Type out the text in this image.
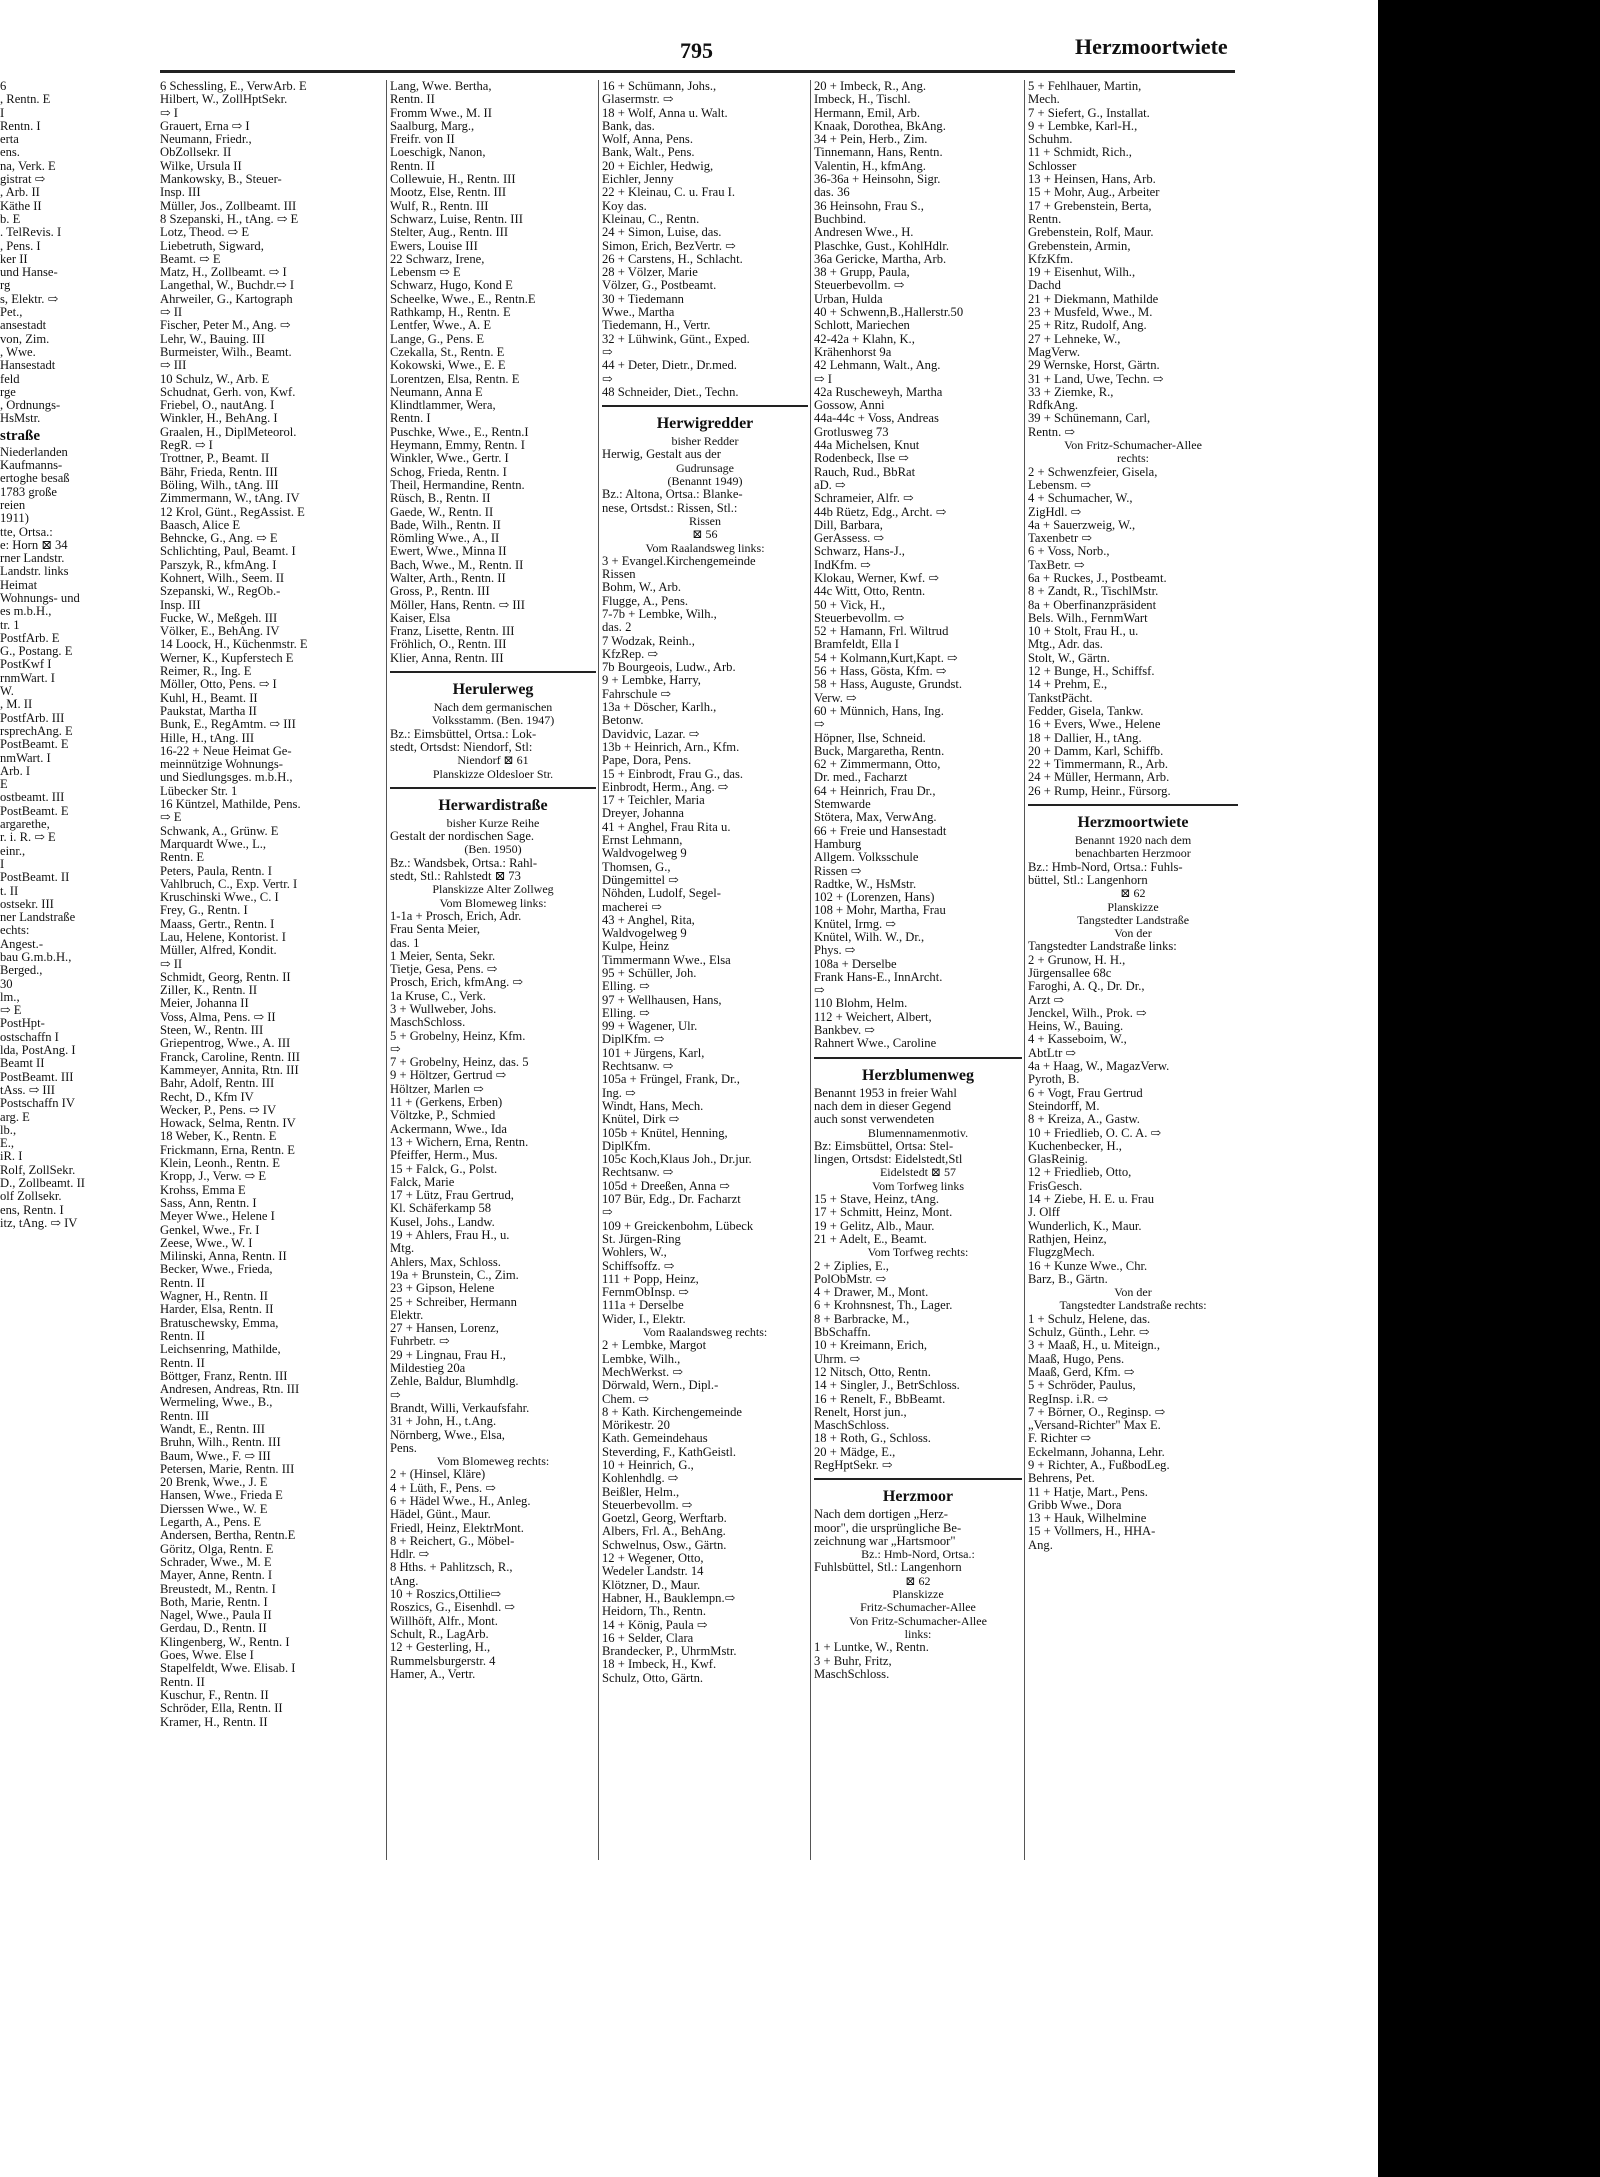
795	Herzmoortwiete
6
, Rentn. E
I
Rentn. I
erta
ens.
na, Verk. E
gistrat ⇨
, Arb. II
Käthe II
b. E
. TelRevis. I
, Pens. I
ker II
und Hanse-
rg
s, Elektr. ⇨
Pet.,
ansestadt
von, Zim.
, Wwe.
Hansestadt
feld
rge
, Ordnungs-
HsMstr.
straße
Niederlanden
Kaufmanns-
ertoghe besaß
1783 große
reien
1911)
tte, Ortsa.:
e: Horn ⊠ 34
rner Landstr.
Landstr. links
Heimat
Wohnungs- und
es m.b.H.,
tr. 1
PostfArb. E
G., Postang. E
PostKwf I
rnmWart. I
W.
, M. II
PostfArb. III
rsprechAng. E
PostBeamt. E
nmWart. I
Arb. I
E
ostbeamt. III
PostBeamt. E
argarethe,
r. i. R. ⇨ E
einr.,
I
PostBeamt. II
t. II
ostsekr. III
ner Landstraße
echts:
Angest.-
bau G.m.b.H.,
Berged.,
30
lm.,
⇨ E
PostHpt-
ostschaffn I
lda, PostAng. I
Beamt II
PostBeamt. III
tAss. ⇨ III
Postschaffn IV
arg. E
lb.,
E.,
iR. I
Rolf, ZollSekr.
D., Zollbeamt. II
olf Zollsekr.
ens, Rentn. I
itz, tAng. ⇨ IV
6 Schessling, E., VerwArb. E
Hilbert, W., ZollHptSekr.
⇨ I
Grauert, Erna ⇨ I
Neumann, Friedr.,
ObZollsekr. II
Wilke, Ursula II
Mankowsky, B., Steuer-
Insp. III
Müller, Jos., Zollbeamt. III
8 Szepanski, H., tAng. ⇨ E
Lotz, Theod. ⇨ E
Liebetruth, Sigward,
Beamt. ⇨ E
Matz, H., Zollbeamt. ⇨ I
Langethal, W., Buchdr.⇨ I
Ahrweiler, G., Kartograph
⇨ II
Fischer, Peter M., Ang. ⇨
Lehr, W., Bauing. III
Burmeister, Wilh., Beamt.
⇨ III
10 Schulz, W., Arb. E
Schudnat, Gerh. von, Kwf.
Friebel, O., nautAng. I
Winkler, H., BehAng. I
Graalen, H., DiplMeteorol.
RegR. ⇨ I
Trottner, P., Beamt. II
Bähr, Frieda, Rentn. III
Böling, Wilh., tAng. III
Zimmermann, W., tAng. IV
12 Krol, Günt., RegAssist. E
Baasch, Alice E
Behncke, G., Ang. ⇨ E
Schlichting, Paul, Beamt. I
Parszyk, R., kfmAng. I
Kohnert, Wilh., Seem. II
Szepanski, W., RegOb.-
Insp. III
Fucke, W., Meßgeh. III
Völker, E., BehAng. IV
14 Loock, H., Küchenmstr. E
Werner, K., Kupferstech E
Reimer, R., Ing. E
Möller, Otto, Pens. ⇨ I
Kuhl, H., Beamt. II
Paukstat, Martha II
Bunk, E., RegAmtm. ⇨ III
Hille, H., tAng. III
16-22 + Neue Heimat Ge-
meinnützige Wohnungs-
und Siedlungsges. m.b.H.,
Lübecker Str. 1
16 Küntzel, Mathilde, Pens.
⇨ E
Schwank, A., Grünw. E
Marquardt Wwe., L.,
Rentn. E
Peters, Paula, Rentn. I
Vahlbruch, C., Exp. Vertr. I
Kruschinski Wwe., C. I
Frey, G., Rentn. I
Maass, Gertr., Rentn. I
Lau, Helene, Kontorist. I
Müller, Alfred, Kondit.
⇨ II
Schmidt, Georg, Rentn. II
Ziller, K., Rentn. II
Meier, Johanna II
Voss, Alma, Pens. ⇨ II
Steen, W., Rentn. III
Griepentrog, Wwe., A. III
Franck, Caroline, Rentn. III
Kammeyer, Annita, Rtn. III
Bahr, Adolf, Rentn. III
Recht, D., Kfm IV
Wecker, P., Pens. ⇨ IV
Howack, Selma, Rentn. IV
18 Weber, K., Rentn. E
Frickmann, Erna, Rentn. E
Klein, Leonh., Rentn. E
Kropp, J., Verw. ⇨ E
Krohss, Emma E
Sass, Ann, Rentn. I
Meyer Wwe., Helene I
Genkel, Wwe., Fr. I
Zeese, Wwe., W. I
Milinski, Anna, Rentn. II
Becker, Wwe., Frieda,
Rentn. II
Wagner, H., Rentn. II
Harder, Elsa, Rentn. II
Bratuschewsky, Emma,
Rentn. II
Leichsenring, Mathilde,
Rentn. II
Böttger, Franz, Rentn. III
Andresen, Andreas, Rtn. III
Wermeling, Wwe., B.,
Rentn. III
Wandt, E., Rentn. III
Bruhn, Wilh., Rentn. III
Baum, Wwe., F. ⇨ III
Petersen, Marie, Rentn. III
20 Brenk, Wwe., J. E
Hansen, Wwe., Frieda E
Dierssen Wwe., W. E
Legarth, A., Pens. E
Andersen, Bertha, Rentn.E
Göritz, Olga, Rentn. E
Schrader, Wwe., M. E
Mayer, Anne, Rentn. I
Breustedt, M., Rentn. I
Both, Marie, Rentn. I
Nagel, Wwe., Paula II
Gerdau, D., Rentn. II
Klingenberg, W., Rentn. I
Goes, Wwe. Else I
Stapelfeldt, Wwe. Elisab. I
Rentn. II
Kuschur, F., Rentn. II
Schröder, Ella, Rentn. II
Kramer, H., Rentn. II
Lang, Wwe. Bertha,
Rentn. II
Fromm Wwe., M. II
Saalburg, Marg.,
Freifr. von II
Loeschigk, Nanon,
Rentn. II
Collewuie, H., Rentn. III
Mootz, Else, Rentn. III
Wulf, R., Rentn. III
Schwarz, Luise, Rentn. III
Stelter, Aug., Rentn. III
Ewers, Louise III
22 Schwarz, Irene,
Lebensm ⇨ E
Schwarz, Hugo, Kond E
Scheelke, Wwe., E., Rentn.E
Rathkamp, H., Rentn. E
Lentfer, Wwe., A. E
Lange, G., Pens. E
Czekalla, St., Rentn. E
Kokowski, Wwe., E. E
Lorentzen, Elsa, Rentn. E
Neumann, Anna E
Klindtlammer, Wera,
Rentn. I
Puschke, Wwe., E., Rentn.I
Heymann, Emmy, Rentn. I
Winkler, Wwe., Gertr. I
Schog, Frieda, Rentn. I
Theil, Hermandine, Rentn.
Rüsch, B., Rentn. II
Gaede, W., Rentn. II
Bade, Wilh., Rentn. II
Römling Wwe., A., II
Ewert, Wwe., Minna II
Bach, Wwe., M., Rentn. II
Walter, Arth., Rentn. II
Gross, P., Rentn. III
Möller, Hans, Rentn. ⇨ III
Kaiser, Elsa
Franz, Lisette, Rentn. III
Fröhlich, O., Rentn. III
Klier, Anna, Rentn. III
Herulerweg
Nach dem germanischen
Volksstamm. (Ben. 1947)
Bz.: Eimsbüttel, Ortsa.: Lok-
stedt, Ortsdst: Niendorf, Stl:
Niendorf ⊠ 61
Planskizze Oldesloer Str.
Herwardistraße
bisher Kurze Reihe
Gestalt der nordischen Sage.
(Ben. 1950)
Bz.: Wandsbek, Ortsa.: Rahl-
stedt, Stl.: Rahlstedt ⊠ 73
Planskizze Alter Zollweg
Vom Blomeweg links:
1-1a + Prosch, Erich, Adr.
Frau Senta Meier,
das. 1
1 Meier, Senta, Sekr.
Tietje, Gesa, Pens. ⇨
Prosch, Erich, kfmAng. ⇨
1a Kruse, C., Verk.
3 + Wullweber, Johs.
MaschSchloss.
5 + Grobelny, Heinz, Kfm.
⇨
7 + Grobelny, Heinz, das. 5
9 + Höltzer, Gertrud ⇨
Höltzer, Marlen ⇨
11 + (Gerkens, Erben)
Völtzke, P., Schmied
Ackermann, Wwe., Ida
13 + Wichern, Erna, Rentn.
Pfeiffer, Herm., Mus.
15 + Falck, G., Polst.
Falck, Marie
17 + Lütz, Frau Gertrud,
Kl. Schäferkamp 58
Kusel, Johs., Landw.
19 + Ahlers, Frau H., u.
Mtg.
Ahlers, Max, Schloss.
19a + Brunstein, C., Zim.
23 + Gipson, Helene
25 + Schreiber, Hermann
Elektr.
27 + Hansen, Lorenz,
Fuhrbetr. ⇨
29 + Lingnau, Frau H.,
Mildestieg 20a
Zehle, Baldur, Blumhdlg.
⇨
Brandt, Willi, Verkaufsfahr.
31 + John, H., t.Ang.
Nörnberg, Wwe., Elsa,
Pens.
Vom Blomeweg rechts:
2 + (Hinsel, Kläre)
4 + Lüth, F., Pens. ⇨
6 + Hädel Wwe., H., Anleg.
Hädel, Günt., Maur.
Friedl, Heinz, ElektrMont.
8 + Reichert, G., Möbel-
Hdlr. ⇨
8 Hths. + Pahlitzsch, R.,
tAng.
10 + Roszics,Ottilie⇨
Roszics, G., Eisenhdl. ⇨
Willhöft, Alfr., Mont.
Schult, R., LagArb.
12 + Gesterling, H.,
Rummelsburgerstr. 4
Hamer, A., Vertr.
16 + Schümann, Johs.,
Glasermstr. ⇨
18 + Wolf, Anna u. Walt.
Bank, das.
Wolf, Anna, Pens.
Bank, Walt., Pens.
20 + Eichler, Hedwig,
Eichler, Jenny
22 + Kleinau, C. u. Frau I.
Koy das.
Kleinau, C., Rentn.
24 + Simon, Luise, das.
Simon, Erich, BezVertr. ⇨
26 + Carstens, H., Schlacht.
28 + Völzer, Marie
Völzer, G., Postbeamt.
30 + Tiedemann
Wwe., Martha
Tiedemann, H., Vertr.
32 + Lühwink, Günt., Exped.
⇨
44 + Deter, Dietr., Dr.med.
⇨
48 Schneider, Diet., Techn.
Herwigredder
bisher Redder
Herwig, Gestalt aus der
Gudrunsage
(Benannt 1949)
Bz.: Altona, Ortsa.: Blanke-
nese, Ortsdst.: Rissen, Stl.:
Rissen
⊠ 56
Vom Raalandsweg links:
3 + Evangel.Kirchengemeinde
Rissen
Bohm, W., Arb.
Flugge, A., Pens.
7-7b + Lembke, Wilh.,
das. 2
7 Wodzak, Reinh.,
KfzRep. ⇨
7b Bourgeois, Ludw., Arb.
9 + Lembke, Harry,
Fahrschule ⇨
13a + Döscher, Karlh.,
Betonw.
Davidvic, Lazar. ⇨
13b + Heinrich, Arn., Kfm.
Pape, Dora, Pens.
15 + Einbrodt, Frau G., das.
Einbrodt, Herm., Ang. ⇨
17 + Teichler, Maria
Dreyer, Johanna
41 + Anghel, Frau Rita u.
Ernst Lehmann,
Waldvogelweg 9
Thomsen, G.,
Düngemittel ⇨
Nöhden, Ludolf, Segel-
macherei ⇨
43 + Anghel, Rita,
Waldvogelweg 9
Kulpe, Heinz
Timmermann Wwe., Elsa
95 + Schüller, Joh.
Elling. ⇨
97 + Wellhausen, Hans,
Elling. ⇨
99 + Wagener, Ulr.
DiplKfm. ⇨
101 + Jürgens, Karl,
Rechtsanw. ⇨
105a + Früngel, Frank, Dr.,
Ing. ⇨
Windt, Hans, Mech.
Knütel, Dirk ⇨
105b + Knütel, Henning,
DiplKfm.
105c Koch,Klaus Joh., Dr.jur.
Rechtsanw. ⇨
105d + Dreeßen, Anna ⇨
107 Bür, Edg., Dr. Facharzt
⇨
109 + Greickenbohm, Lübeck
St. Jürgen-Ring
Wohlers, W.,
Schiffsoffz. ⇨
111 + Popp, Heinz,
FernmObInsp. ⇨
111a + Derselbe
Wider, I., Elektr.
Vom Raalandsweg rechts:
2 + Lembke, Margot
Lembke, Wilh.,
MechWerkst. ⇨
Dörwald, Wern., Dipl.-
Chem. ⇨
8 + Kath. Kirchengemeinde
Mörikestr. 20
Kath. Gemeindehaus
Steverding, F., KathGeistl.
10 + Heinrich, G.,
Kohlenhdlg. ⇨
Beißler, Helm.,
Steuerbevollm. ⇨
Goetzl, Georg, Werftarb.
Albers, Frl. A., BehAng.
Schwelnus, Osw., Gärtn.
12 + Wegener, Otto,
Wedeler Landstr. 14
Klötzner, D., Maur.
Habner, H., Bauklempn.⇨
Heidorn, Th., Rentn.
14 + König, Paula ⇨
16 + Selder, Clara
Brandecker, P., UhrmMstr.
18 + Imbeck, H., Kwf.
Schulz, Otto, Gärtn.
20 + Imbeck, R., Ang.
Imbeck, H., Tischl.
Hermann, Emil, Arb.
Knaak, Dorothea, BkAng.
34 + Pein, Herb., Zim.
Tinnemann, Hans, Rentn.
Valentin, H., kfmAng.
36-36a + Heinsohn, Sigr.
das. 36
36 Heinsohn, Frau S.,
Buchbind.
Andresen Wwe., H.
Plaschke, Gust., KohlHdlr.
36a Gericke, Martha, Arb.
38 + Grupp, Paula,
Steuerbevollm. ⇨
Urban, Hulda
40 + Schwenn,B.,Hallerstr.50
Schlott, Mariechen
42-42a + Klahn, K.,
Krähenhorst 9a
42 Lehmann, Walt., Ang.
⇨ I
42a Ruscheweyh, Martha
Gossow, Anni
44a-44c + Voss, Andreas
Grotlusweg 73
44a Michelsen, Knut
Rodenbeck, Ilse ⇨
Rauch, Rud., BbRat
aD. ⇨
Schrameier, Alfr. ⇨
44b Rüetz, Edg., Archt. ⇨
Dill, Barbara,
GerAssess. ⇨
Schwarz, Hans-J.,
IndKfm. ⇨
Klokau, Werner, Kwf. ⇨
44c Witt, Otto, Rentn.
50 + Vick, H.,
Steuerbevollm. ⇨
52 + Hamann, Frl. Wiltrud
Bramfeldt, Ella I
54 + Kolmann,Kurt,Kapt. ⇨
56 + Hass, Gösta, Kfm. ⇨
58 + Hass, Auguste, Grundst.
Verw. ⇨
60 + Münnich, Hans, Ing.
⇨
Höpner, Ilse, Schneid.
Buck, Margaretha, Rentn.
62 + Zimmermann, Otto,
Dr. med., Facharzt
64 + Heinrich, Frau Dr.,
Stemwarde
Stötera, Max, VerwAng.
66 + Freie und Hansestadt
Hamburg
Allgem. Volksschule
Rissen ⇨
Radtke, W., HsMstr.
102 + (Lorenzen, Hans)
108 + Mohr, Martha, Frau
Knütel, Irmg. ⇨
Knütel, Wilh. W., Dr.,
Phys. ⇨
108a + Derselbe
Frank Hans-E., InnArcht.
⇨
110 Blohm, Helm.
112 + Weichert, Albert,
Bankbev. ⇨
Rahnert Wwe., Caroline
Herzblumenweg
Benannt 1953 in freier Wahl
nach dem in dieser Gegend
auch sonst verwendeten
Blumennamenmotiv.
Bz: Eimsbüttel, Ortsa: Stel-
lingen, Ortsdst: Eidelstedt,Stl
Eidelstedt ⊠ 57
Vom Torfweg links
15 + Stave, Heinz, tAng.
17 + Schmitt, Heinz, Mont.
19 + Gelitz, Alb., Maur.
21 + Adelt, E., Beamt.
Vom Torfweg rechts:
2 + Ziplies, E.,
PolObMstr. ⇨
4 + Drawer, M., Mont.
6 + Krohnsnest, Th., Lager.
8 + Barbracke, M.,
BbSchaffn.
10 + Kreimann, Erich,
Uhrm. ⇨
12 Nitsch, Otto, Rentn.
14 + Singler, J., BetrSchloss.
16 + Renelt, F., BbBeamt.
Renelt, Horst jun.,
MaschSchloss.
18 + Roth, G., Schloss.
20 + Mädge, E.,
RegHptSekr. ⇨
Herzmoor
Nach dem dortigen „Herz-
moor", die ursprüngliche Be-
zeichnung war „Hartsmoor"
Bz.: Hmb-Nord, Ortsa.:
Fuhlsbüttel, Stl.: Langenhorn
⊠ 62
Planskizze
Fritz-Schumacher-Allee
Von Fritz-Schumacher-Allee
links:
1 + Luntke, W., Rentn.
3 + Buhr, Fritz,
MaschSchloss.
5 + Fehlhauer, Martin,
Mech.
7 + Siefert, G., Installat.
9 + Lembke, Karl-H.,
Schuhm.
11 + Schmidt, Rich.,
Schlosser
13 + Heinsen, Hans, Arb.
15 + Mohr, Aug., Arbeiter
17 + Grebenstein, Berta,
Rentn.
Grebenstein, Rolf, Maur.
Grebenstein, Armin,
KfzKfm.
19 + Eisenhut, Wilh.,
Dachd
21 + Diekmann, Mathilde
23 + Musfeld, Wwe., M.
25 + Ritz, Rudolf, Ang.
27 + Lehneke, W.,
MagVerw.
29 Wernske, Horst, Gärtn.
31 + Land, Uwe, Techn. ⇨
33 + Ziemke, R.,
RdfkAng.
39 + Schünemann, Carl,
Rentn. ⇨
Von Fritz-Schumacher-Allee
rechts:
2 + Schwenzfeier, Gisela,
Lebensm. ⇨
4 + Schumacher, W.,
ZigHdl. ⇨
4a + Sauerzweig, W.,
Taxenbetr ⇨
6 + Voss, Norb.,
TaxBetr. ⇨
6a + Ruckes, J., Postbeamt.
8 + Zandt, R., TischlMstr.
8a + Oberfinanzpräsident
Bels. Wilh., FernmWart
10 + Stolt, Frau H., u.
Mtg., Adr. das.
Stolt, W., Gärtn.
12 + Bunge, H., Schiffsf.
14 + Prehm, E.,
TankstPächt.
Fedder, Gisela, Tankw.
16 + Evers, Wwe., Helene
18 + Dallier, H., tAng.
20 + Damm, Karl, Schiffb.
22 + Timmermann, R., Arb.
24 + Müller, Hermann, Arb.
26 + Rump, Heinr., Fürsorg.
Herzmoortwiete
Benannt 1920 nach dem
benachbarten Herzmoor
Bz.: Hmb-Nord, Ortsa.: Fuhls-
büttel, Stl.: Langenhorn
⊠ 62
Planskizze
Tangstedter Landstraße
Von der
Tangstedter Landstraße links:
2 + Grunow, H. H.,
Jürgensallee 68c
Faroghi, A. Q., Dr. Dr.,
Arzt ⇨
Jenckel, Wilh., Prok. ⇨
Heins, W., Bauing.
4 + Kasseboim, W.,
AbtLtr ⇨
4a + Haag, W., MagazVerw.
Pyroth, B.
6 + Vogt, Frau Gertrud
Steindorff, M.
8 + Kreiza, A., Gastw.
10 + Friedlieb, O. C. A. ⇨
Kuchenbecker, H.,
GlasReinig.
12 + Friedlieb, Otto,
FrisGesch.
14 + Ziebe, H. E. u. Frau
J. Olff
Wunderlich, K., Maur.
Rathjen, Heinz,
FlugzgMech.
16 + Kunze Wwe., Chr.
Barz, B., Gärtn.
Von der
Tangstedter Landstraße rechts:
1 + Schulz, Helene, das.
Schulz, Günth., Lehr. ⇨
3 + Maaß, H., u. Miteign.,
Maaß, Hugo, Pens.
Maaß, Gerd, Kfm. ⇨
5 + Schröder, Paulus,
RegInsp. i.R. ⇨
7 + Börner, O., Reginsp. ⇨
„Versand-Richter" Max E.
F. Richter ⇨
Eckelmann, Johanna, Lehr.
9 + Richter, A., FußbodLeg.
Behrens, Pet.
11 + Hatje, Mart., Pens.
Gribb Wwe., Dora
13 + Hauk, Wilhelmine
15 + Vollmers, H., HHA-
Ang.
